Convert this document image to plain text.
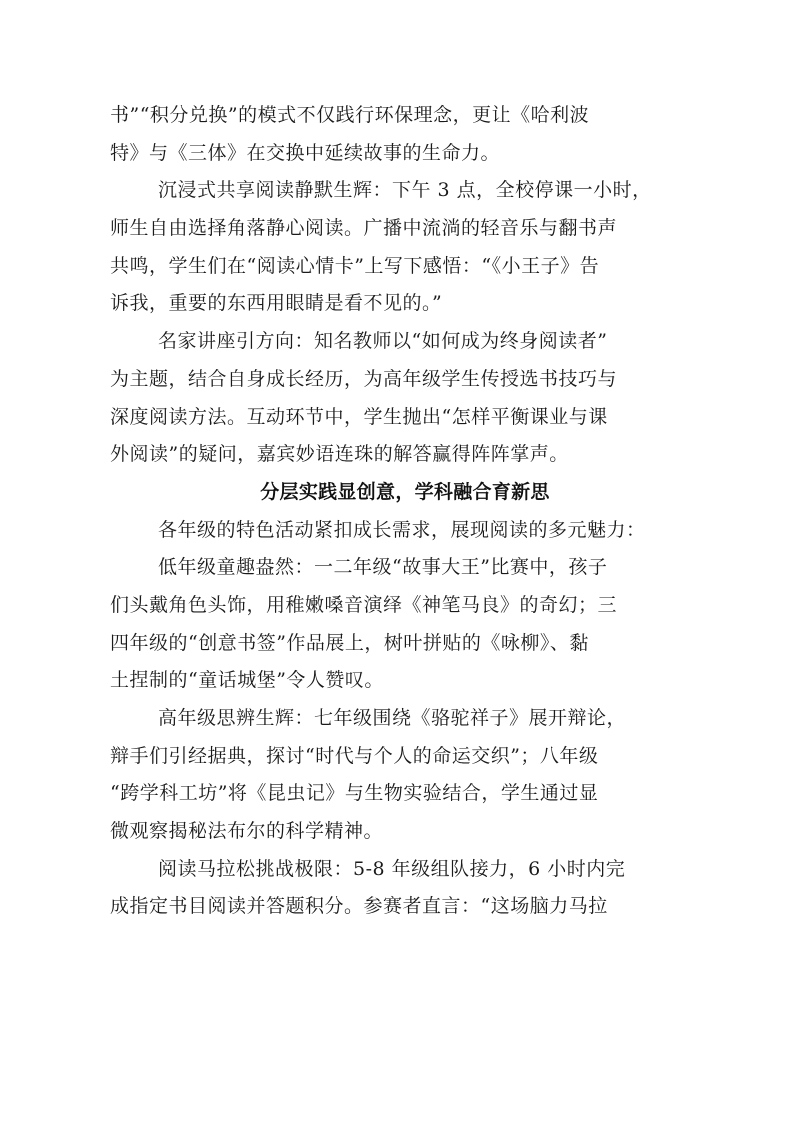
书”“积分兑换”的模式不仅践行环保理念，更让《哈利波
特》与《三体》在交换中延续故事的生命力。
沉浸式共享阅读静默生辉：下午 3 点，全校停课一小时，
师生自由选择角落静心阅读。广播中流淌的轻音乐与翻书声
共鸣，学生们在“阅读心情卡”上写下感悟：“《小王子》告
诉我，重要的东西用眼睛是看不见的。”
名家讲座引方向：知名教师以“如何成为终身阅读者”
为主题，结合自身成长经历，为高年级学生传授选书技巧与
深度阅读方法。互动环节中，学生抛出“怎样平衡课业与课
外阅读”的疑问，嘉宾妙语连珠的解答赢得阵阵掌声。
分层实践显创意，学科融合育新思
各年级的特色活动紧扣成长需求，展现阅读的多元魅力：
低年级童趣盎然：一二年级“故事大王”比赛中，孩子
们头戴角色头饰，用稚嫩嗓音演绎《神笔马良》的奇幻；三
四年级的“创意书签”作品展上，树叶拼贴的《咏柳》、黏
土捏制的“童话城堡”令人赞叹。
高年级思辨生辉：七年级围绕《骆驼祥子》展开辩论，
辩手们引经据典，探讨“时代与个人的命运交织”；八年级
“跨学科工坊”将《昆虫记》与生物实验结合，学生通过显
微观察揭秘法布尔的科学精神。
阅读马拉松挑战极限：5-8 年级组队接力，6 小时内完
成指定书目阅读并答题积分。参赛者直言：“这场脑力马拉
